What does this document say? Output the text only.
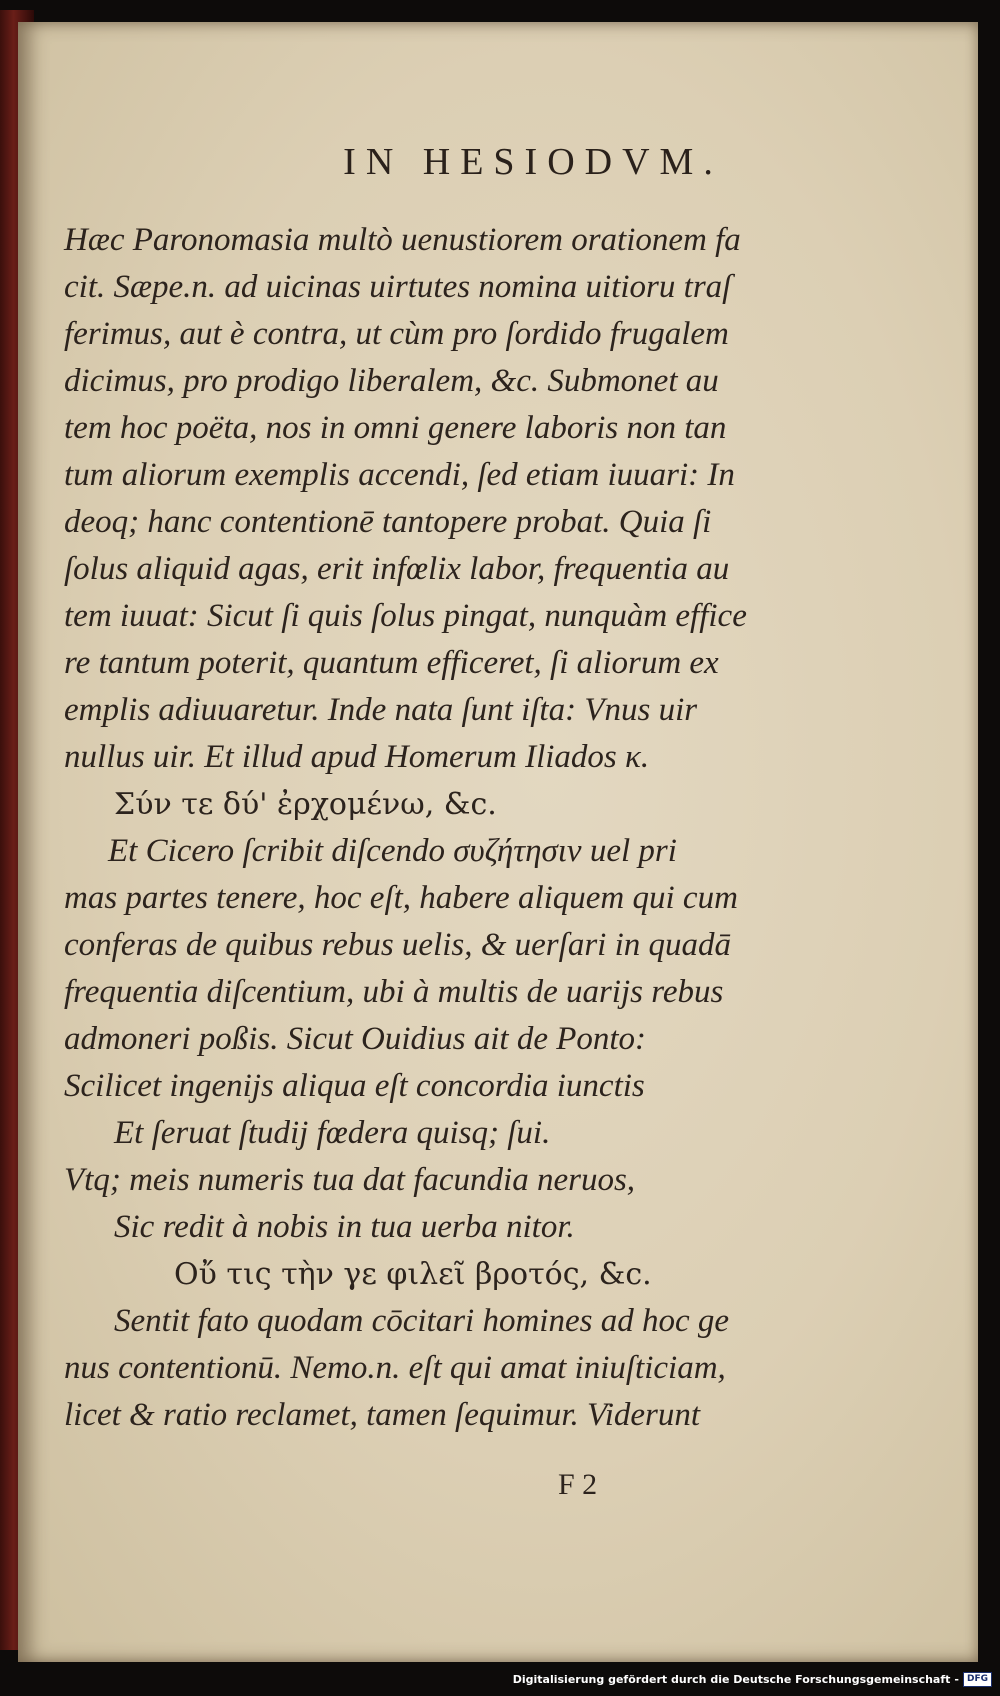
IN HESIODVM.
Hæc Paronomasia multò uenustiorem orationem fa
cit. Sæpe.n. ad uicinas uirtutes nomina uitioru traſ
ferimus, aut è contra, ut cùm pro ſordido frugalem
dicimus, pro prodigo liberalem, &c. Submonet au
tem hoc poëta, nos in omni genere laboris non tan
tum aliorum exemplis accendi, ſed etiam iuuari: In
deoq; hanc contentionē tantopere probat. Quia ſi
ſolus aliquid agas, erit infœlix labor, frequentia au
tem iuuat: Sicut ſi quis ſolus pingat, nunquàm effice
re tantum poterit, quantum efficeret, ſi aliorum ex
emplis adiuuaretur. Inde nata ſunt iſta: Vnus uir
nullus uir. Et illud apud Homerum Iliados κ.
Σύν τε δύ' ἐρχομένω, &c.
Et Cicero ſcribit diſcendo συζήτησιν uel pri
mas partes tenere, hoc eſt, habere aliquem qui cum
conferas de quibus rebus uelis, & uerſari in quadā
frequentia diſcentium, ubi à multis de uarijs rebus
admoneri poßis. Sicut Ouidius ait de Ponto:
Scilicet ingenijs aliqua eſt concordia iunctis
Et ſeruat ſtudij fœdera quisq; ſui.
Vtq; meis numeris tua dat facundia neruos,
Sic redit à nobis in tua uerba nitor.
Οὔ τις τὴν γε φιλεῖ βροτός, &c.
Sentit fato quodam cōcitari homines ad hoc ge
nus contentionū. Nemo.n. eſt qui amat iniuſticiam,
licet & ratio reclamet, tamen ſequimur. Viderunt
F 2
Digitalisierung gefördert durch die Deutsche Forschungsgemeinschaft - DFG
